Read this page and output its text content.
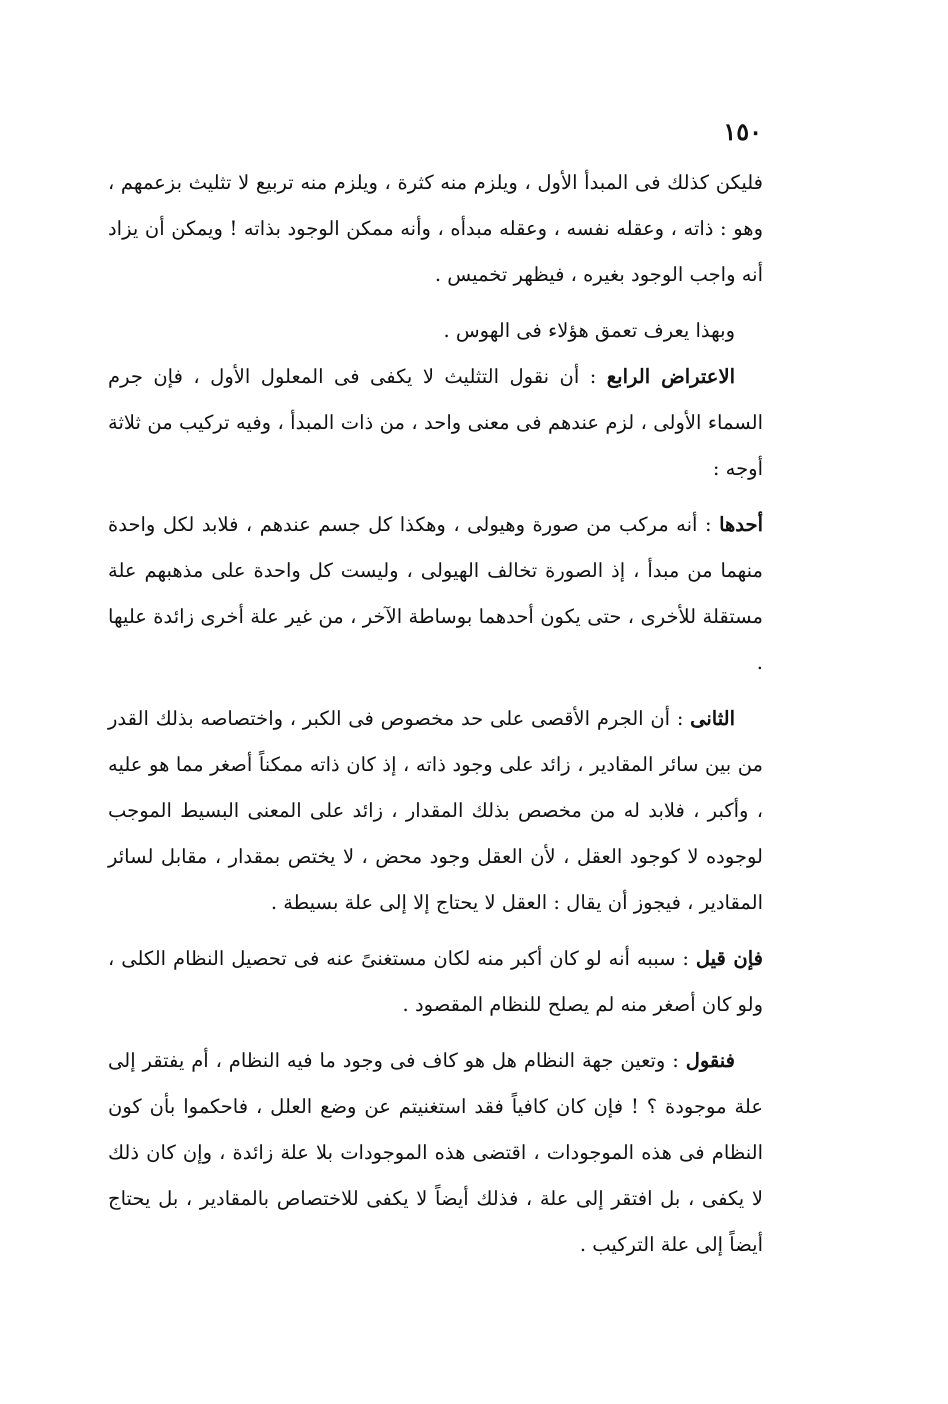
١٥٠

فليكن كذلك فى المبدأ الأول ، ويلزم منه كثرة ، ويلزم منه تربيع لا تثليث بزعمهم ، وهو : ذاته ، وعقله نفسه ، وعقله مبدأه ، وأنه ممكن الوجود بذاته ! ويمكن أن يزاد أنه واجب الوجود بغيره ، فيظهر تخميس .

وبهذا يعرف تعمق هؤلاء فى الهوس .

الاعتراض الرابع : أن نقول التثليث لا يكفى فى المعلول الأول ، فإن جرم السماء الأولى ، لزم عندهم فى معنى واحد ، من ذات المبدأ ، وفيه تركيب من ثلاثة أوجه :

أحدها : أنه مركب من صورة وهيولى ، وهكذا كل جسم عندهم ، فلابد لكل واحدة منهما من مبدأ ، إذ الصورة تخالف الهيولى ، وليست كل واحدة على مذهبهم علة مستقلة للأخرى ، حتى يكون أحدهما بوساطة الآخر ، من غير علة أخرى زائدة عليها .

الثانى : أن الجرم الأقصى على حد مخصوص فى الكبر ، واختصاصه بذلك القدر من بين سائر المقادير ، زائد على وجود ذاته ، إذ كان ذاته ممكناً أصغر مما هو عليه ، وأكبر ، فلابد له من مخصص بذلك المقدار ، زائد على المعنى البسيط الموجب لوجوده لا كوجود العقل ، لأن العقل وجود محض ، لا يختص بمقدار ، مقابل لسائر المقادير ، فيجوز أن يقال : العقل لا يحتاج إلا إلى علة بسيطة .

فإن قيل : سببه أنه لو كان أكبر منه لكان مستغنىً عنه فى تحصيل النظام الكلى ، ولو كان أصغر منه لم يصلح للنظام المقصود .

فنقول : وتعين جهة النظام هل هو كاف فى وجود ما فيه النظام ، أم يفتقر إلى علة موجودة ؟ ! فإن كان كافياً فقد استغنيتم عن وضع العلل ، فاحكموا بأن كون النظام فى هذه الموجودات ، اقتضى هذه الموجودات بلا علة زائدة ، وإن كان ذلك لا يكفى ، بل افتقر إلى علة ، فذلك أيضاً لا يكفى للاختصاص بالمقادير ، بل يحتاج أيضاً إلى علة التركيب .
